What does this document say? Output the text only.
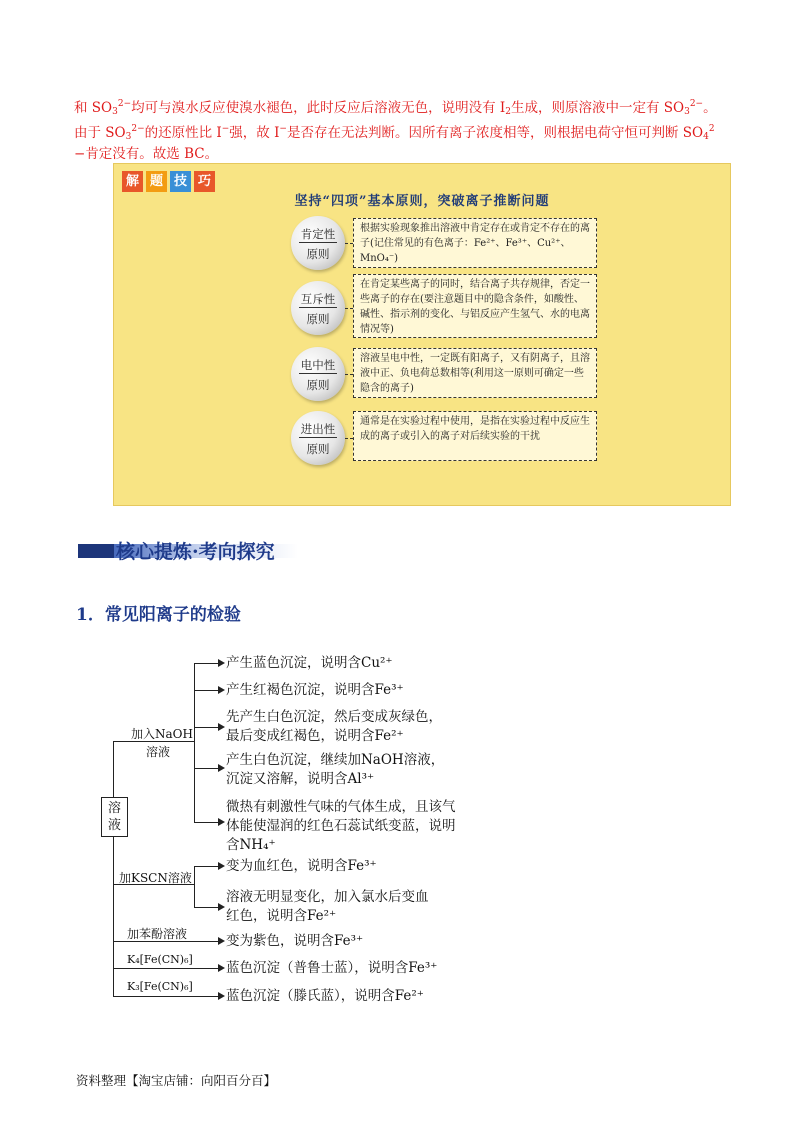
和 $SO_3^{2-}$均可与溴水反应使溴水褪色，此时反应后溶液无色，说明没有 $I_2$生成，则原溶液中一定有 $SO_3^{2-}$。
由于 $SO_3^{2-}$的还原性比 I−强，故 I−是否存在无法判断。因所有离子浓度相等，则根据电荷守恒可判断 $SO_4^2$
−肯定没有。故选 BC。
解 题 技 巧
坚持“四项”基本原则，突破离子推断问题
肯定性
原则
根据实验现象推出溶液中肯定存在或肯定不存在的离子(记住常见的有色离子：Fe²⁺、Fe³⁺、Cu²⁺、MnO₄⁻)
互斥性
原则
在肯定某些离子的同时，结合离子共存规律，否定一些离子的存在(要注意题目中的隐含条件，如酸性、碱性、指示剂的变化、与铝反应产生氢气、水的电离情况等)
电中性
原则
溶液呈电中性，一定既有阳离子，又有阴离子，且溶液中正、负电荷总数相等(利用这一原则可确定一些隐含的离子)
进出性
原则
通常是在实验过程中使用，是指在实验过程中反应生成的离子或引入的离子对后续实验的干扰
核心提炼·考向探究
1．常见阳离子的检验
溶
液
加入NaOH
溶液
加KSCN溶液
加苯酚溶液
K₄[Fe(CN)₆]
K₃[Fe(CN)₆]
产生蓝色沉淀，说明含Cu²⁺
产生红褐色沉淀，说明含Fe³⁺
先产生白色沉淀，然后变成灰绿色，
最后变成红褐色，说明含Fe²⁺
产生白色沉淀，继续加NaOH溶液，
沉淀又溶解，说明含Al³⁺
微热有刺激性气味的气体生成，且该气
体能使湿润的红色石蕊试纸变蓝，说明
含NH₄⁺
变为血红色，说明含Fe³⁺
溶液无明显变化，加入氯水后变血
红色，说明含Fe²⁺
变为紫色，说明含Fe³⁺
蓝色沉淀（普鲁士蓝），说明含Fe³⁺
蓝色沉淀（滕氏蓝），说明含Fe²⁺
资料整理【淘宝店铺：向阳百分百】
